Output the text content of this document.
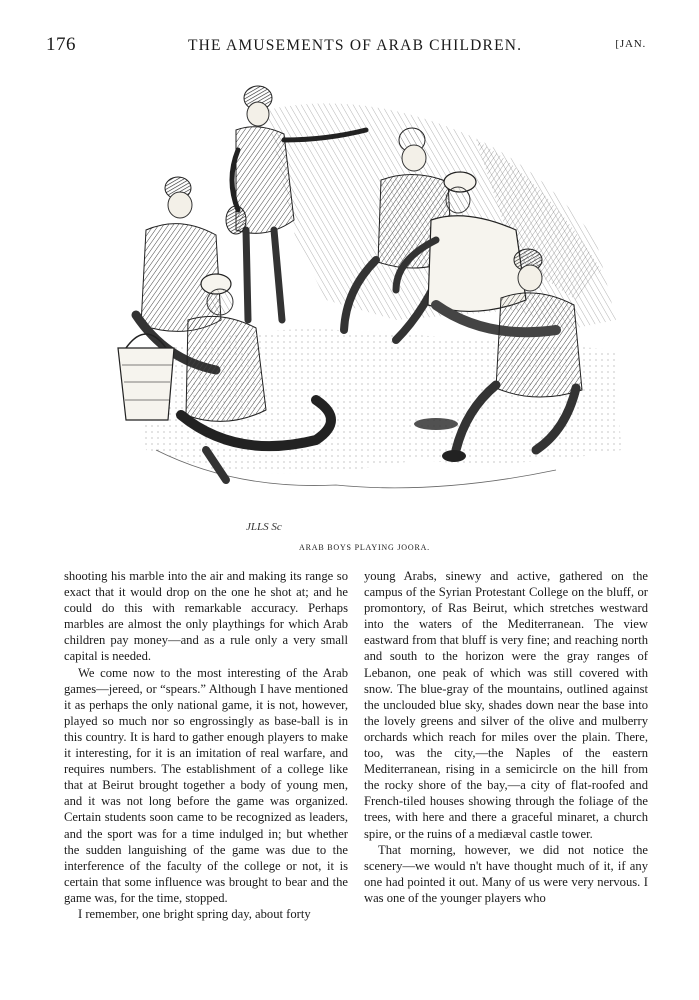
176	THE AMUSEMENTS OF ARAB CHILDREN.	[JAN.
JLLS Sc
ARAB BOYS PLAYING JOORA.

shooting his marble into the air and making its range so exact that it would drop on the one he shot at; and he could do this with remarkable accuracy. Perhaps marbles are almost the only playthings for which Arab children pay money—and as a rule only a very small capital is needed.

We come now to the most interesting of the Arab games—jereed, or “spears.” Although I have mentioned it as perhaps the only national game, it is not, however, played so much nor so engrossingly as base-ball is in this country. It is hard to gather enough players to make it interesting, for it is an imitation of real warfare, and requires numbers. The establishment of a college like that at Beirut brought together a body of young men, and it was not long before the game was organized. Certain students soon came to be recognized as leaders, and the sport was for a time indulged in; but whether the sudden languishing of the game was due to the interference of the faculty of the college or not, it is certain that some influence was brought to bear and the game was, for the time, stopped.

I remember, one bright spring day, about forty

young Arabs, sinewy and active, gathered on the campus of the Syrian Protestant College on the bluff, or promontory, of Ras Beirut, which stretches westward into the waters of the Mediterranean. The view eastward from that bluff is very fine; and reaching north and south to the horizon were the gray ranges of Lebanon, one peak of which was still covered with snow. The blue-gray of the mountains, outlined against the unclouded blue sky, shades down near the base into the lovely greens and silver of the olive and mulberry orchards which reach for miles over the plain. There, too, was the city,—the Naples of the eastern Mediterranean, rising in a semicircle on the hill from the rocky shore of the bay,—a city of flat-roofed and French-tiled houses showing through the foliage of the trees, with here and there a graceful minaret, a church spire, or the ruins of a mediæval castle tower.

That morning, however, we did not notice the scenery—we would n't have thought much of it, if any one had pointed it out. Many of us were very nervous. I was one of the younger players who
